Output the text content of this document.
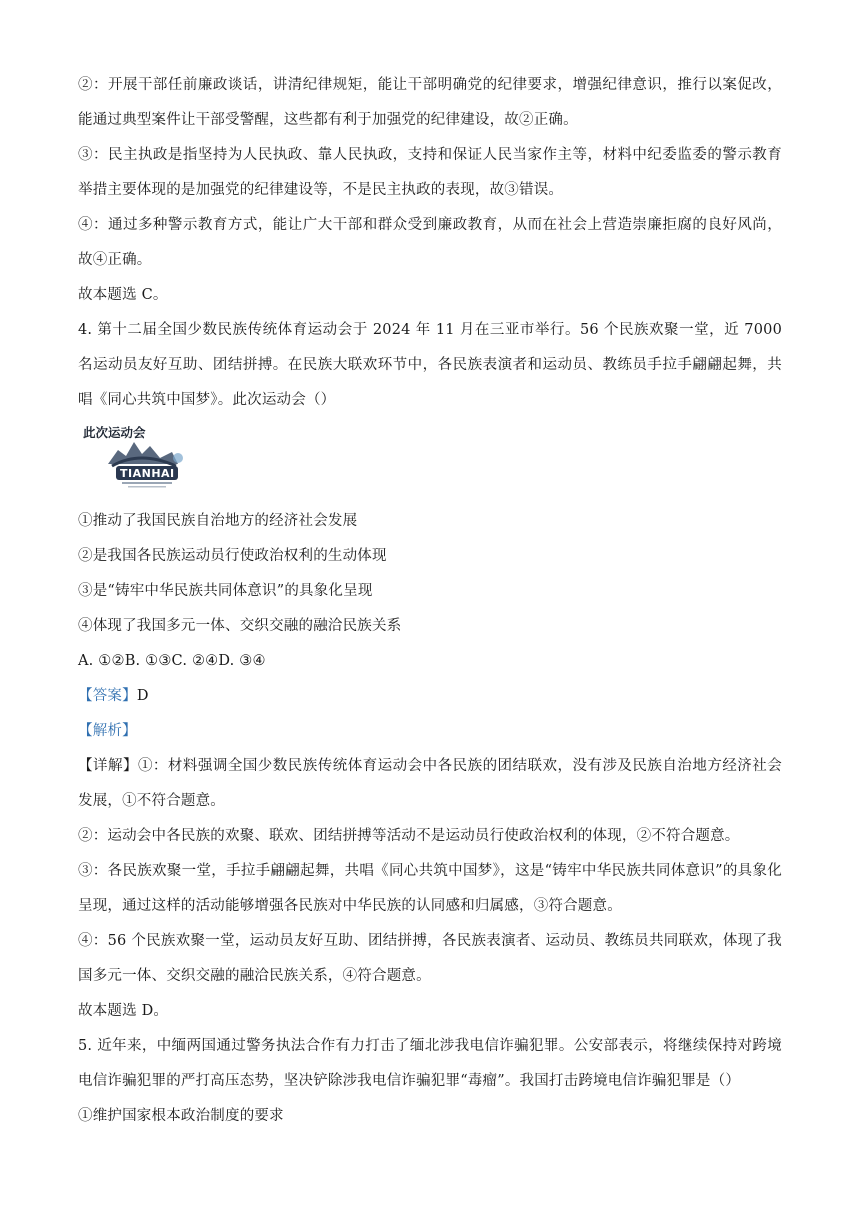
②：开展干部任前廉政谈话，讲清纪律规矩，能让干部明确党的纪律要求，增强纪律意识，推行以案促改，能通过典型案件让干部受警醒，这些都有利于加强党的纪律建设，故②正确。

③：民主执政是指坚持为人民执政、靠人民执政，支持和保证人民当家作主等，材料中纪委监委的警示教育举措主要体现的是加强党的纪律建设等，不是民主执政的表现，故③错误。

④：通过多种警示教育方式，能让广大干部和群众受到廉政教育，从而在社会上营造崇廉拒腐的良好风尚，故④正确。

故本题选 C。

4. 第十二届全国少数民族传统体育运动会于 2024 年 11 月在三亚市举行。56 个民族欢聚一堂，近 7000 名运动员友好互助、团结拼搏。在民族大联欢环节中，各民族表演者和运动员、教练员手拉手翩翩起舞，共唱《同心共筑中国梦》。此次运动会（）

此次运动会
TIANHAI

①推动了我国民族自治地方的经济社会发展

②是我国各民族运动员行使政治权利的生动体现

③是“铸牢中华民族共同体意识”的具象化呈现

④体现了我国多元一体、交织交融的融洽民族关系

A. ①②B. ①③C. ②④D. ③④

【答案】D

【解析】

【详解】①：材料强调全国少数民族传统体育运动会中各民族的团结联欢，没有涉及民族自治地方经济社会发展，①不符合题意。

②：运动会中各民族的欢聚、联欢、团结拼搏等活动不是运动员行使政治权利的体现，②不符合题意。

③：各民族欢聚一堂，手拉手翩翩起舞，共唱《同心共筑中国梦》，这是“铸牢中华民族共同体意识”的具象化呈现，通过这样的活动能够增强各民族对中华民族的认同感和归属感，③符合题意。

④：56 个民族欢聚一堂，运动员友好互助、团结拼搏，各民族表演者、运动员、教练员共同联欢，体现了我国多元一体、交织交融的融洽民族关系，④符合题意。

故本题选 D。

5. 近年来，中缅两国通过警务执法合作有力打击了缅北涉我电信诈骗犯罪。公安部表示，将继续保持对跨境电信诈骗犯罪的严打高压态势，坚决铲除涉我电信诈骗犯罪“毒瘤”。我国打击跨境电信诈骗犯罪是（）

①维护国家根本政治制度的要求
